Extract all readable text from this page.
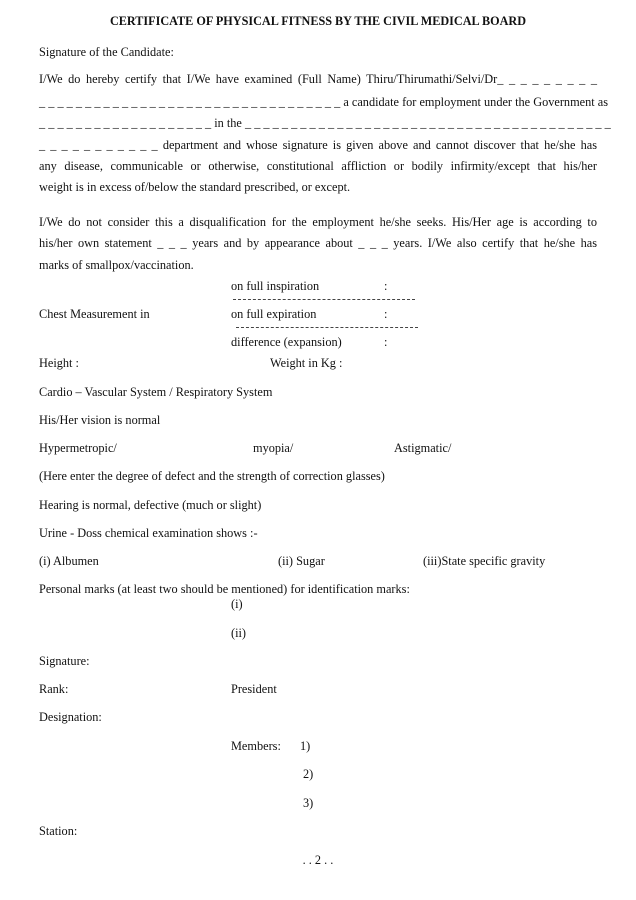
CERTIFICATE OF PHYSICAL FITNESS BY THE CIVIL MEDICAL BOARD
Signature of the Candidate:
I/We do hereby certify that I/We have examined (Full Name) Thiru/Thirumathi/Selvi/Dr_ _ _ _ _ _ _ _ _
_ _ _ _ _ _ _ _ _ _ _ _ _ _ _ _ _ _ _ _ _ _ _ _ _ _ _ _ _ _ _ _ _ a candidate for employment under the Government as
_ _ _ _ _ _ _ _ _ _ _ _ _ _ _ _ _ _ _ in the _ _ _ _ _ _ _ _ _ _ _ _ _ _ _ _ _ _ _ _ _ _ _ _ _ _ _ _ _ _ _ _ _ _ _ _ _ _ _ _
_ _ _ _ _ _ _ _ _ _ _ department and whose signature is given above and cannot discover that he/she has
any disease, communicable or otherwise, constitutional affliction or bodily infirmity/except that his/her
weight is in excess of/below the standard prescribed, or except.
I/We do not consider this a disqualification for the employment he/she seeks. His/Her age is according to
his/her own statement _ _ _ years and by appearance about _ _ _ years. I/We also certify that he/she has
marks of smallpox/vaccination.
on full inspiration	:
Chest Measurement in	on full expiration	:
difference (expansion)	:
Height :	Weight in Kg :
Cardio – Vascular System / Respiratory System
His/Her vision is normal
Hypermetropic/	myopia/	Astigmatic/
(Here enter the degree of defect and the strength of correction glasses)
Hearing is normal, defective (much or slight)
Urine - Doss chemical examination shows :-
(i) Albumen	(ii) Sugar	(iii)State specific gravity
Personal marks (at least two should be mentioned) for identification marks:
(i)
(ii)
Signature:
Rank:	President
Designation:
Members: 1)
2)
3)
Station:
. . 2 . .
